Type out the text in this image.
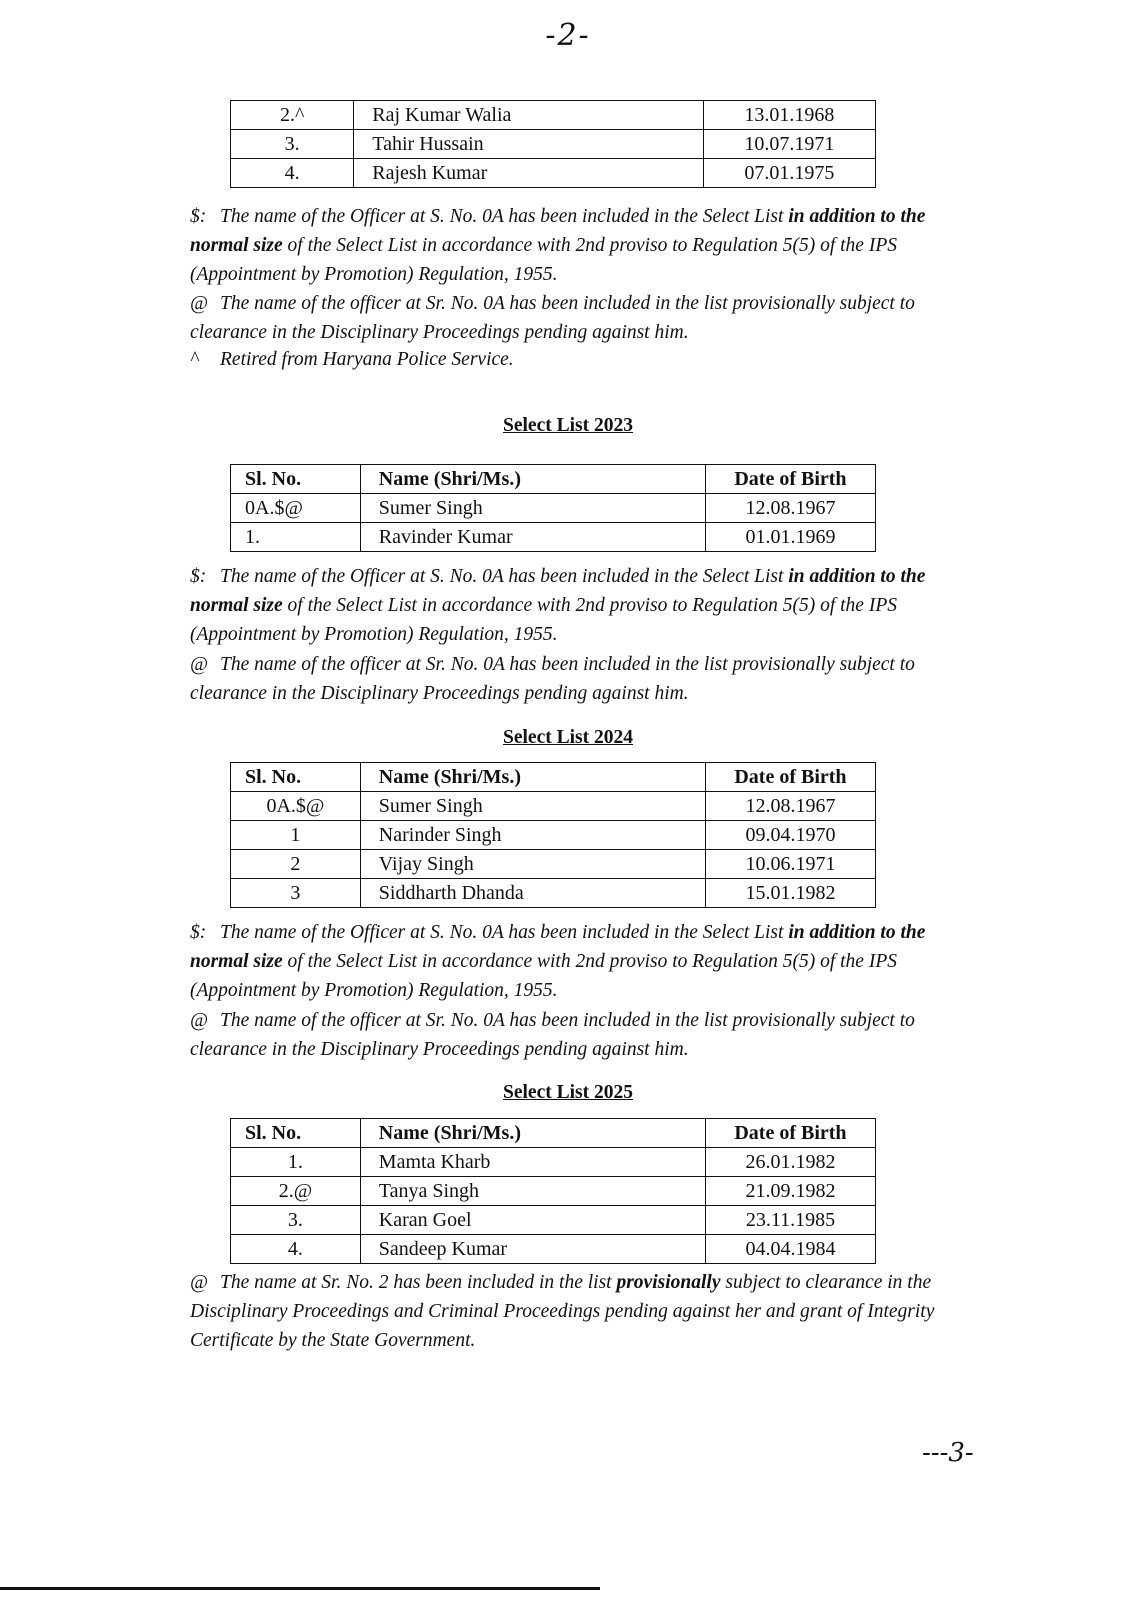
-2-
2.^	Raj Kumar Walia	13.01.1968
3.	Tahir Hussain	10.07.1971
4.	Rajesh Kumar	07.01.1975
$: The name of the Officer at S. No. 0A has been included in the Select List in addition to the normal size of the Select List in accordance with 2nd proviso to Regulation 5(5) of the IPS (Appointment by Promotion) Regulation, 1955.
@ The name of the officer at Sr. No. 0A has been included in the list provisionally subject to clearance in the Disciplinary Proceedings pending against him.
^ Retired from Haryana Police Service.
Select List 2023
Sl. No.	Name (Shri/Ms.)	Date of Birth
0A.$@	Sumer Singh	12.08.1967
1.	Ravinder Kumar	01.01.1969
$: The name of the Officer at S. No. 0A has been included in the Select List in addition to the normal size of the Select List in accordance with 2nd proviso to Regulation 5(5) of the IPS (Appointment by Promotion) Regulation, 1955.
@ The name of the officer at Sr. No. 0A has been included in the list provisionally subject to clearance in the Disciplinary Proceedings pending against him.
Select List 2024
Sl. No.	Name (Shri/Ms.)	Date of Birth
0A.$@	Sumer Singh	12.08.1967
1	Narinder Singh	09.04.1970
2	Vijay Singh	10.06.1971
3	Siddharth Dhanda	15.01.1982
$: The name of the Officer at S. No. 0A has been included in the Select List in addition to the normal size of the Select List in accordance with 2nd proviso to Regulation 5(5) of the IPS (Appointment by Promotion) Regulation, 1955.
@ The name of the officer at Sr. No. 0A has been included in the list provisionally subject to clearance in the Disciplinary Proceedings pending against him.
Select List 2025
Sl. No.	Name (Shri/Ms.)	Date of Birth
1.	Mamta Kharb	26.01.1982
2.@	Tanya Singh	21.09.1982
3.	Karan Goel	23.11.1985
4.	Sandeep Kumar	04.04.1984
@ The name at Sr. No. 2 has been included in the list provisionally subject to clearance in the Disciplinary Proceedings and Criminal Proceedings pending against her and grant of Integrity Certificate by the State Government.
---3-
